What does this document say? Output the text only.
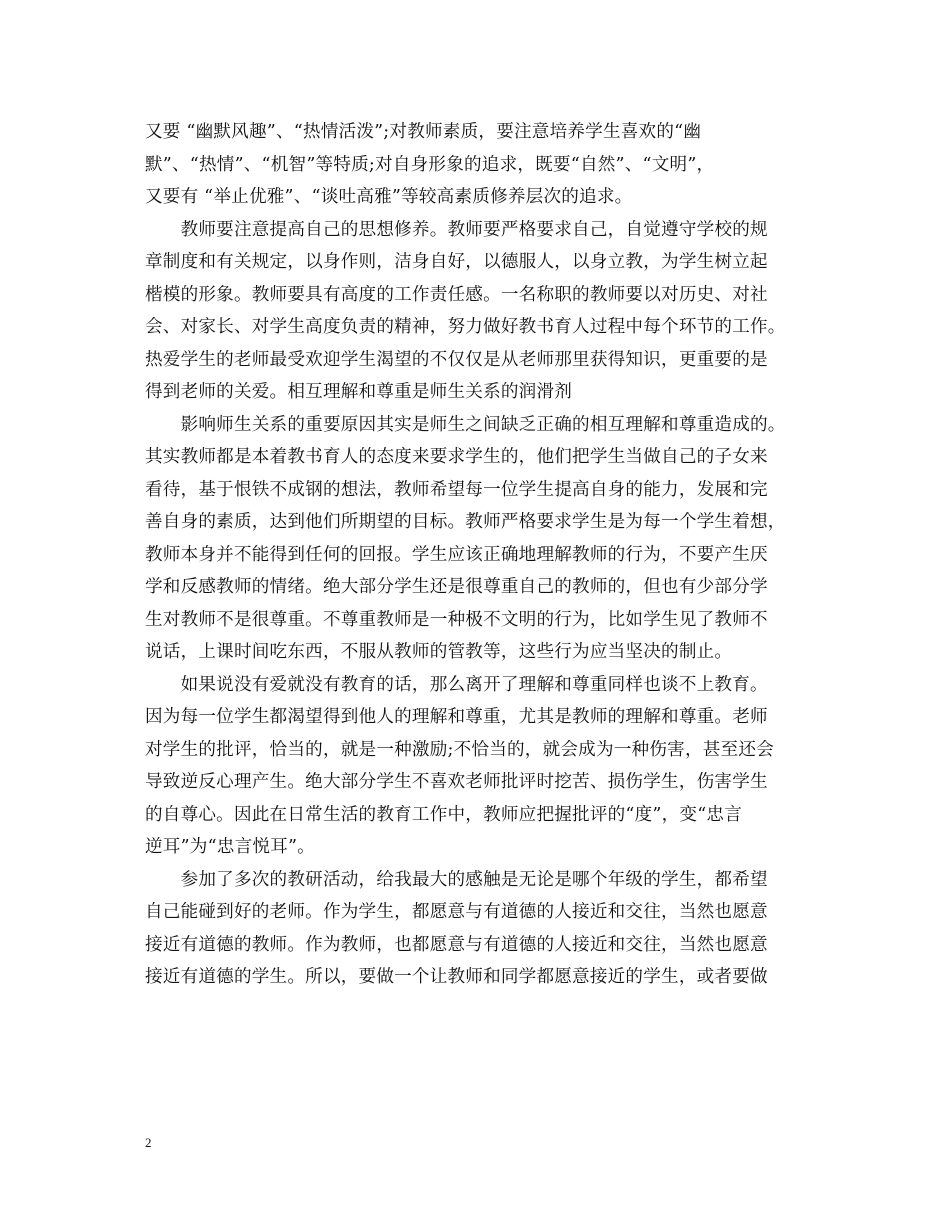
又要 “幽默风趣”、“热情活泼”;对教师素质，要注意培养学生喜欢的“幽
默”、“热情”、“机智”等特质;对自身形象的追求，既要“自然”、“文明”，
又要有 “举止优雅”、“谈吐高雅”等较高素质修养层次的追求。
　　教师要注意提高自己的思想修养。教师要严格要求自己，自觉遵守学校的规
章制度和有关规定，以身作则，洁身自好，以德服人，以身立教，为学生树立起
楷模的形象。教师要具有高度的工作责任感。一名称职的教师要以对历史、对社
会、对家长、对学生高度负责的精神，努力做好教书育人过程中每个环节的工作。
热爱学生的老师最受欢迎学生渴望的不仅仅是从老师那里获得知识，更重要的是
得到老师的关爱。相互理解和尊重是师生关系的润滑剂
　　影响师生关系的重要原因其实是师生之间缺乏正确的相互理解和尊重造成的。
其实教师都是本着教书育人的态度来要求学生的，他们把学生当做自己的子女来
看待，基于恨铁不成钢的想法，教师希望每一位学生提高自身的能力，发展和完
善自身的素质，达到他们所期望的目标。教师严格要求学生是为每一个学生着想，
教师本身并不能得到任何的回报。学生应该正确地理解教师的行为，不要产生厌
学和反感教师的情绪。绝大部分学生还是很尊重自己的教师的，但也有少部分学
生对教师不是很尊重。不尊重教师是一种极不文明的行为，比如学生见了教师不
说话，上课时间吃东西，不服从教师的管教等，这些行为应当坚决的制止。
　　如果说没有爱就没有教育的话，那么离开了理解和尊重同样也谈不上教育。
因为每一位学生都渴望得到他人的理解和尊重，尤其是教师的理解和尊重。老师
对学生的批评，恰当的，就是一种激励;不恰当的，就会成为一种伤害，甚至还会
导致逆反心理产生。绝大部分学生不喜欢老师批评时挖苦、损伤学生，伤害学生
的自尊心。因此在日常生活的教育工作中，教师应把握批评的“度”，变“忠言
逆耳”为“忠言悦耳”。
　　参加了多次的教研活动，给我最大的感触是无论是哪个年级的学生，都希望
自己能碰到好的老师。作为学生，都愿意与有道德的人接近和交往，当然也愿意
接近有道德的教师。作为教师，也都愿意与有道德的人接近和交往，当然也愿意
接近有道德的学生。所以，要做一个让教师和同学都愿意接近的学生，或者要做
2
